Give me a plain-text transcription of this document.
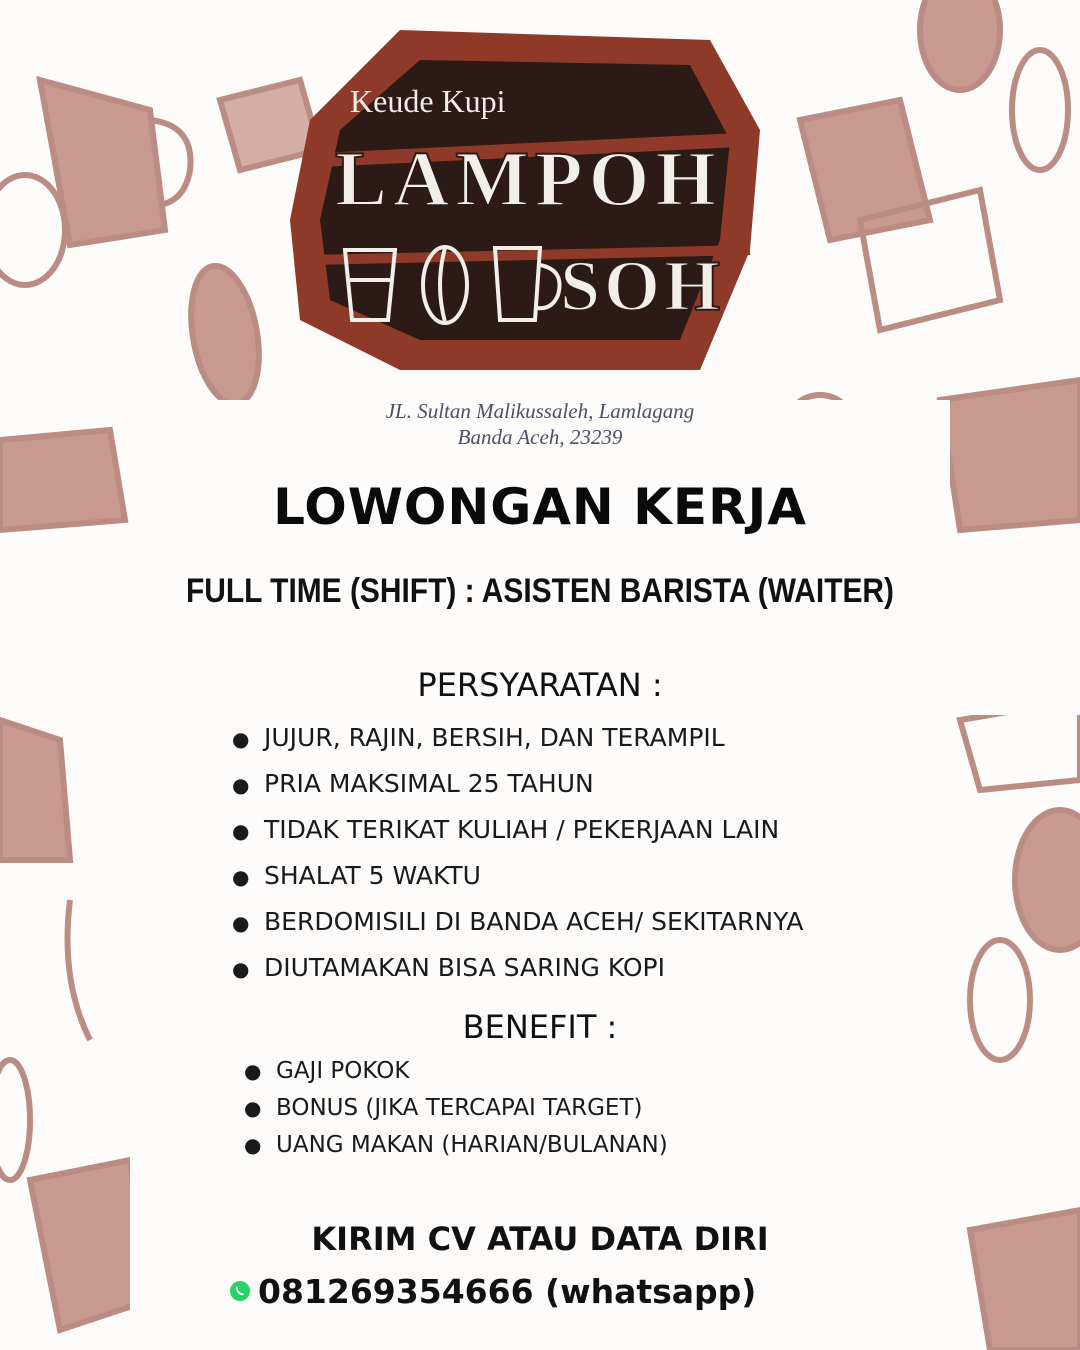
Keude Kupi
LAMPOH
SOH
JL. Sultan Malikussaleh, Lamlagang
Banda Aceh, 23239
LOWONGAN KERJA
FULL TIME (SHIFT) : ASISTEN BARISTA (WAITER)
PERSYARATAN :
● JUJUR, RAJIN, BERSIH, DAN TERAMPIL
● PRIA MAKSIMAL 25 TAHUN
● TIDAK TERIKAT KULIAH / PEKERJAAN LAIN
● SHALAT 5 WAKTU
● BERDOMISILI DI BANDA ACEH/ SEKITARNYA
● DIUTAMAKAN BISA SARING KOPI
BENEFIT :
● GAJI POKOK
● BONUS (JIKA TERCAPAI TARGET)
● UANG MAKAN (HARIAN/BULANAN)
KIRIM CV ATAU DATA DIRI
081269354666 (whatsapp)
